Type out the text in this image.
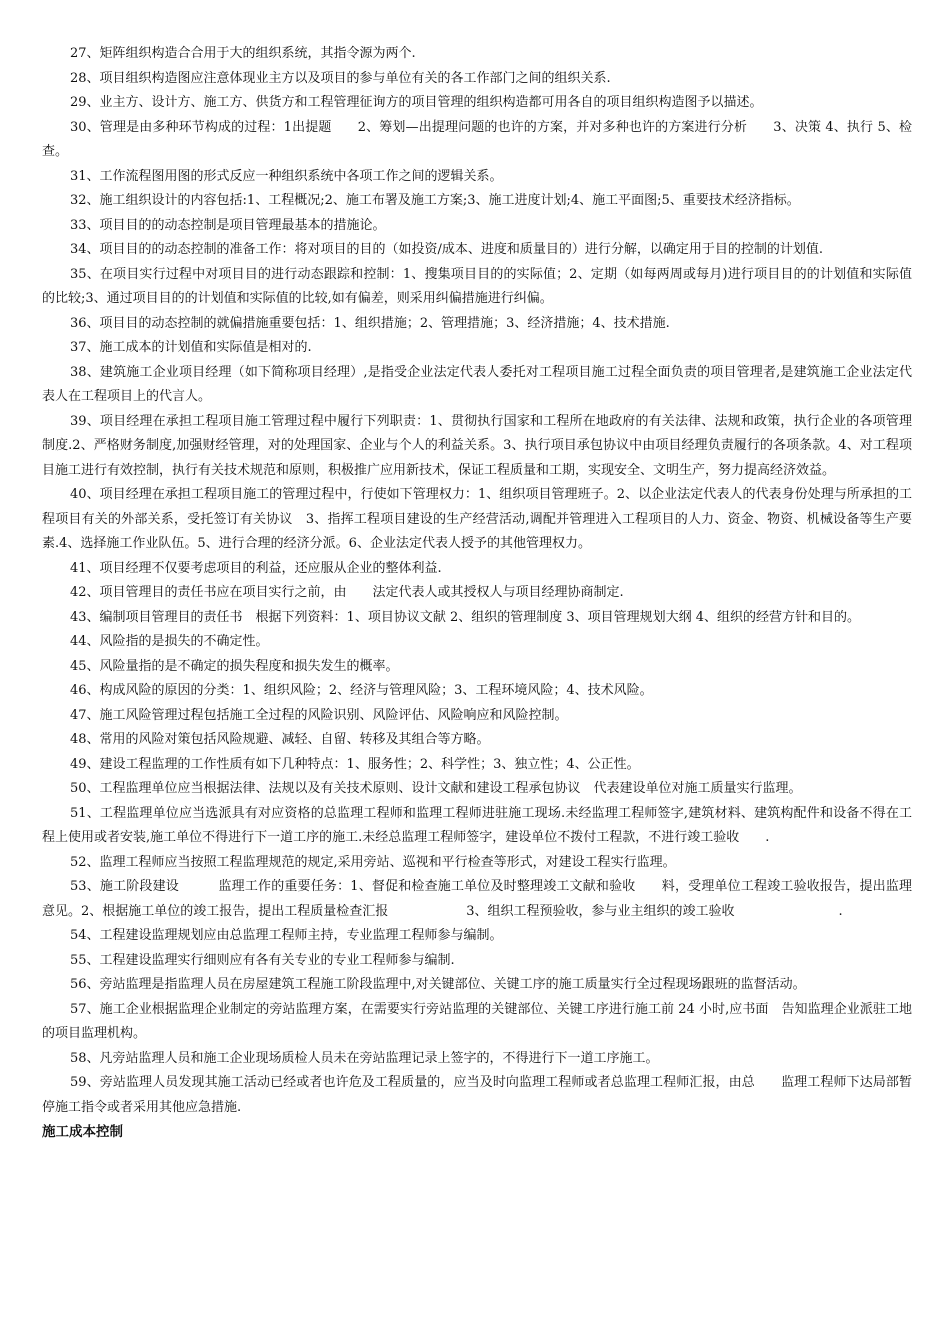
27、矩阵组织构造合合用于大的组织系统，其指令源为两个.

28、项目组织构造图应注意体现业主方以及项目的参与单位有关的各工作部门之间的组织关系.

29、业主方、设计方、施工方、供货方和工程管理征询方的项目管理的组织构造都可用各自的项目组织构造图予以描述。

30、管理是由多种环节构成的过程：1出提题　　2、筹划—出提理问题的也许的方案，并对多种也许的方案进行分析　　3、决策 4、执行 5、检查。

31、工作流程图用图的形式反应一种组织系统中各项工作之间的逻辑关系。

32、施工组织设计的内容包括:1、工程概况;2、施工布署及施工方案;3、施工进度计划;4、施工平面图;5、重要技术经济指标。

33、项目目的的动态控制是项目管理最基本的措施论。

34、项目目的的动态控制的准备工作：将对项目的目的（如投资/成本、进度和质量目的）进行分解，以确定用于目的控制的计划值.

35、在项目实行过程中对项目目的进行动态跟踪和控制：1、搜集项目目的的实际值；2、定期（如每两周或每月)进行项目目的的计划值和实际值的比较;3、通过项目目的的计划值和实际值的比较,如有偏差，则采用纠偏措施进行纠偏。

36、项目目的动态控制的就偏措施重要包括：1、组织措施；2、管理措施；3、经济措施；4、技术措施.

37、施工成本的计划值和实际值是相对的.

38、建筑施工企业项目经理（如下简称项目经理）,是指受企业法定代表人委托对工程项目施工过程全面负责的项目管理者,是建筑施工企业法定代表人在工程项目上的代言人。

39、项目经理在承担工程项目施工管理过程中履行下列职责：1、贯彻执行国家和工程所在地政府的有关法律、法规和政策，执行企业的各项管理制度.2、严格财务制度,加强财经管理，对的处理国家、企业与个人的利益关系。3、执行项目承包协议中由项目经理负责履行的各项条款。4、对工程项目施工进行有效控制，执行有关技术规范和原则，积极推广应用新技术，保证工程质量和工期，实现安全、文明生产，努力提高经济效益。

40、项目经理在承担工程项目施工的管理过程中，行使如下管理权力：1、组织项目管理班子。2、以企业法定代表人的代表身份处理与所承担的工程项目有关的外部关系，受托签订有关协议　3、指挥工程项目建设的生产经营活动,调配并管理进入工程项目的人力、资金、物资、机械设备等生产要素.4、选择施工作业队伍。5、进行合理的经济分派。6、企业法定代表人授予的其他管理权力。

41、项目经理不仅要考虑项目的利益，还应服从企业的整体利益.

42、项目管理目的责任书应在项目实行之前，由　　法定代表人或其授权人与项目经理协商制定.

43、编制项目管理目的责任书　根据下列资料：1、项目协议文献 2、组织的管理制度 3、项目管理规划大纲 4、组织的经营方针和目的。

44、风险指的是损失的不确定性。

45、风险量指的是不确定的损失程度和损失发生的概率。

46、构成风险的原因的分类：1、组织风险；2、经济与管理风险；3、工程环境风险；4、技术风险。

47、施工风险管理过程包括施工全过程的风险识别、风险评估、风险响应和风险控制。

48、常用的风险对策包括风险规避、减轻、自留、转移及其组合等方略。

49、建设工程监理的工作性质有如下几种特点：1、服务性；2、科学性；3、独立性；4、公正性。

50、工程监理单位应当根据法律、法规以及有关技术原则、设计文献和建设工程承包协议　代表建设单位对施工质量实行监理。

51、工程监理单位应当选派具有对应资格的总监理工程师和监理工程师进驻施工现场.未经监理工程师签字,建筑材料、建筑构配件和设备不得在工程上使用或者安装,施工单位不得进行下一道工序的施工.未经总监理工程师签字，建设单位不拨付工程款，不进行竣工验收　　.

52、监理工程师应当按照工程监理规范的规定,采用旁站、巡视和平行检查等形式，对建设工程实行监理。

53、施工阶段建设　　　监理工作的重要任务：1、督促和检查施工单位及时整理竣工文献和验收　　料，受理单位工程竣工验收报告，提出监理意见。2、根据施工单位的竣工报告，提出工程质量检查汇报　　　　　　3、组织工程预验收，参与业主组织的竣工验收　　　　　　　　.

54、工程建设监理规划应由总监理工程师主持，专业监理工程师参与编制。

55、工程建设监理实行细则应有各有关专业的专业工程师参与编制.

56、旁站监理是指监理人员在房屋建筑工程施工阶段监理中,对关键部位、关键工序的施工质量实行全过程现场跟班的监督活动。

57、施工企业根据监理企业制定的旁站监理方案，在需要实行旁站监理的关键部位、关键工序进行施工前 24 小时,应书面　告知监理企业派驻工地的项目监理机构。

58、凡旁站监理人员和施工企业现场质检人员未在旁站监理记录上签字的，不得进行下一道工序施工。

59、旁站监理人员发现其施工活动已经或者也许危及工程质量的，应当及时向监理工程师或者总监理工程师汇报，由总　　监理工程师下达局部暂停施工指令或者采用其他应急措施.

施工成本控制
